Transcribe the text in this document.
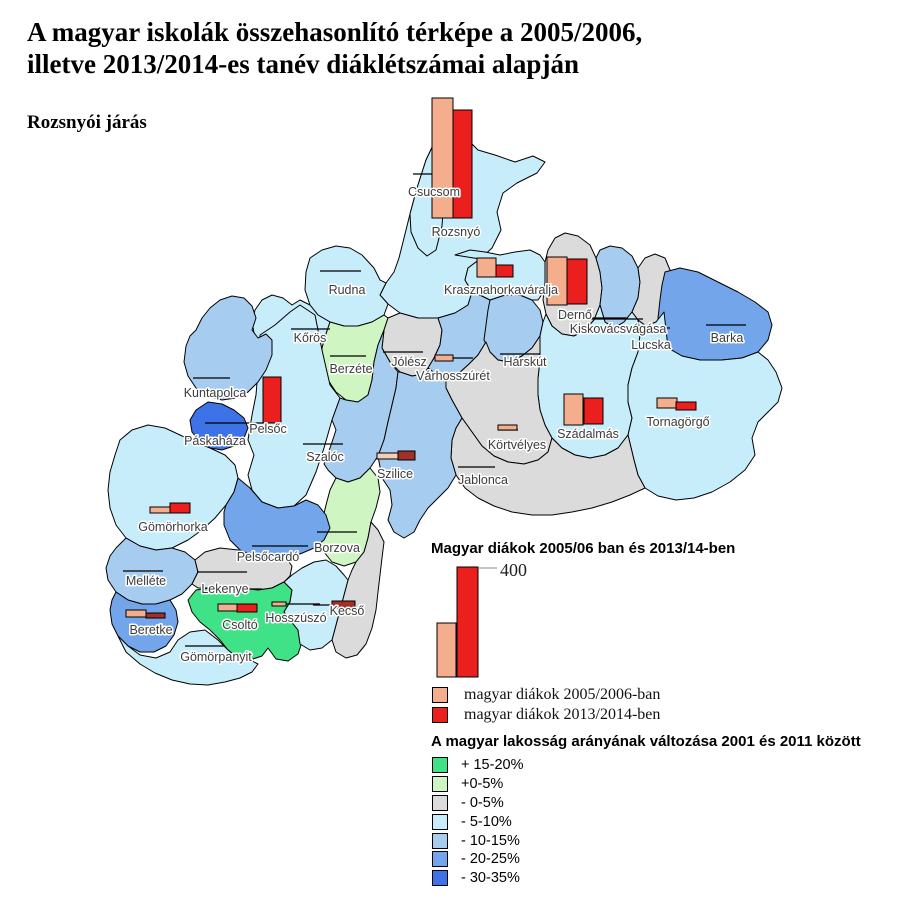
A magyar iskolák összehasonlító térképe a 2005/2006,
illetve 2013/2014-es tanév diáklétszámai alapján
Rozsnyói járás
Csucsom
Rozsnyó
Rudna
Kőrös
Berzéte
Krasznahorkaváralja
Dernő
Kiskovácsvágása
Lucska	Barka
Jólész
Várhosszúrét
Hárskút
Kuntapolca
Pelsőc
Páskaháza
Szalóc
Szilice
Körtvélyes
Szádalmás
Tornagörgő
Jablonca
Gömörhorka
Borzova
Pelsőcardó
Melléte
Lekenye
Kecső
Beretke	Csoltó Hosszúszó
Gömörpanyit
400
Magyar diákok 2005/06 ban és 2013/14-ben
magyar diákok 2005/2006-ban
magyar diákok 2013/2014-ben
A magyar lakosság arányának változása 2001 és 2011 között
+ 15-20%
+0-5%
- 0-5%
- 5-10%
- 10-15%
- 20-25%
- 30-35%
